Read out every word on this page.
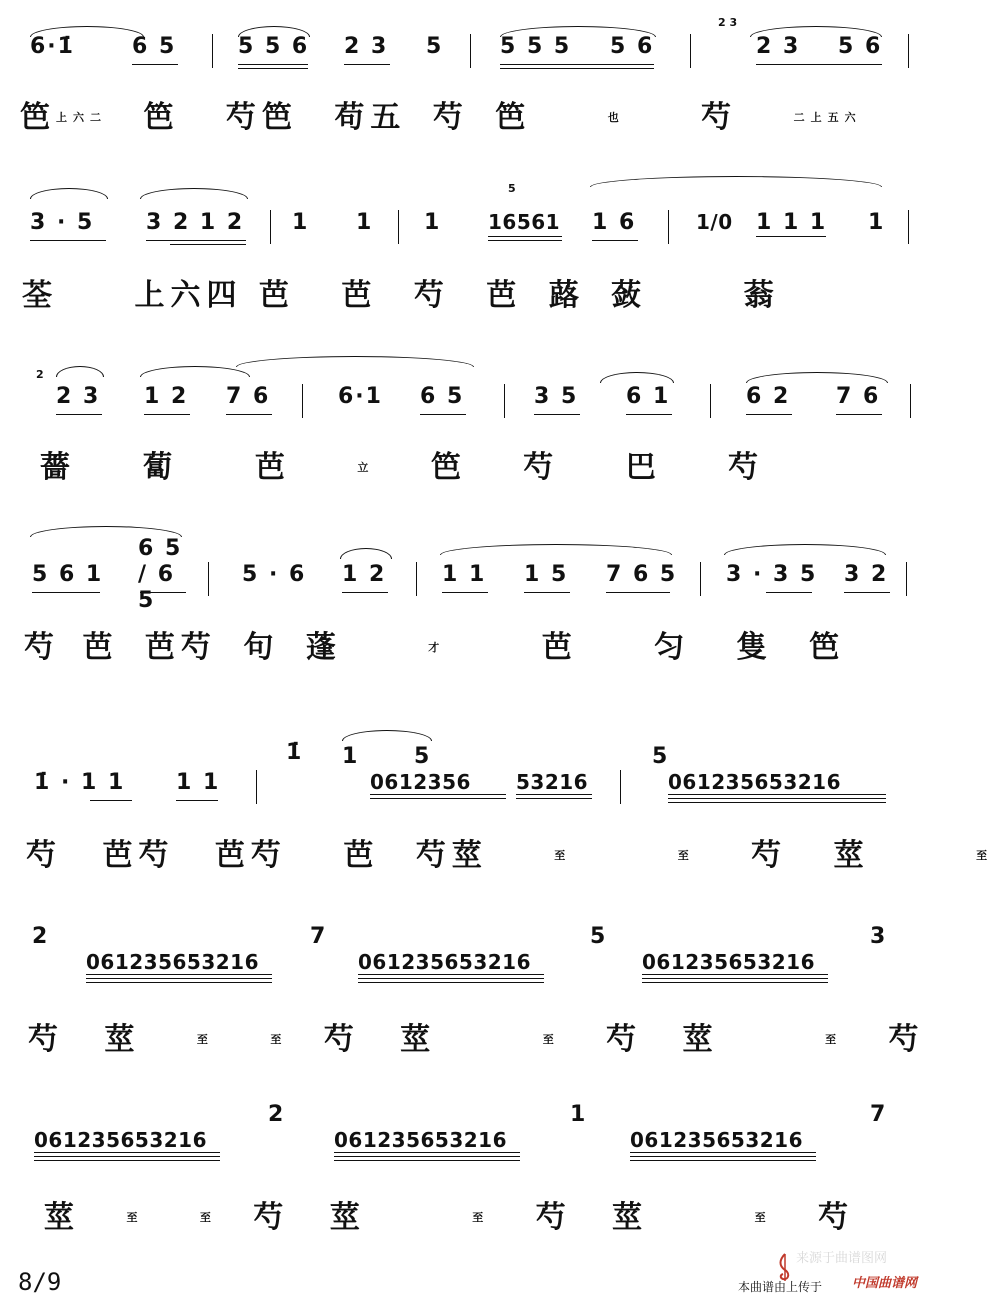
2 3
6·1̇	6 5	5 5 6 2 3 5	5 5 5 5 6	2 3 5 6
笆$^{上六二}$ 笆 芍笆 苟五 芍 笆	$^也$	芍	$^{二上五六}$
5
3 · 5 3 2 1 2 1 1 1 16561 1 6	1/0 1 1 1 1
荃	上六四 芭 芭 芍 芭 蕗 蔹	蓊
2
2 3 1 2 7 6	6·1 6 5	3 5 6 1	6 2 7 6
薔 蔔	芭	$^立$ 笆 芍 巴 芍
5 6 1
6 5 / 6 5
5 · 6 1 2	1 1 1 5 7 6 5 3 · 3 5 3 2
芍 芭 芭芍 句 蓬	$^才$	芭	匀 隻 笆
1̇ · 1 1 1 1
1̇ 1 5
0612356 53216
5
061235653216
芍 芭芍 芭芍 芭 芍莖	$^至$	$^至$ 芍 莖	$^至$
2
061235653216
7
061235653216
5
061235653216
3
芍 莖	$^至$	$^至$ 芍 莖	$^至$ 芍 莖	$^至$ 芍
061235653216
2
061235653216
1
061235653216
7
莖	$^至$	$^至$ 芍 莖	$^至$ 芍 莖	$^至$ 芍
8/9
来源于曲谱图网
本曲谱由上传于 中国曲谱网
